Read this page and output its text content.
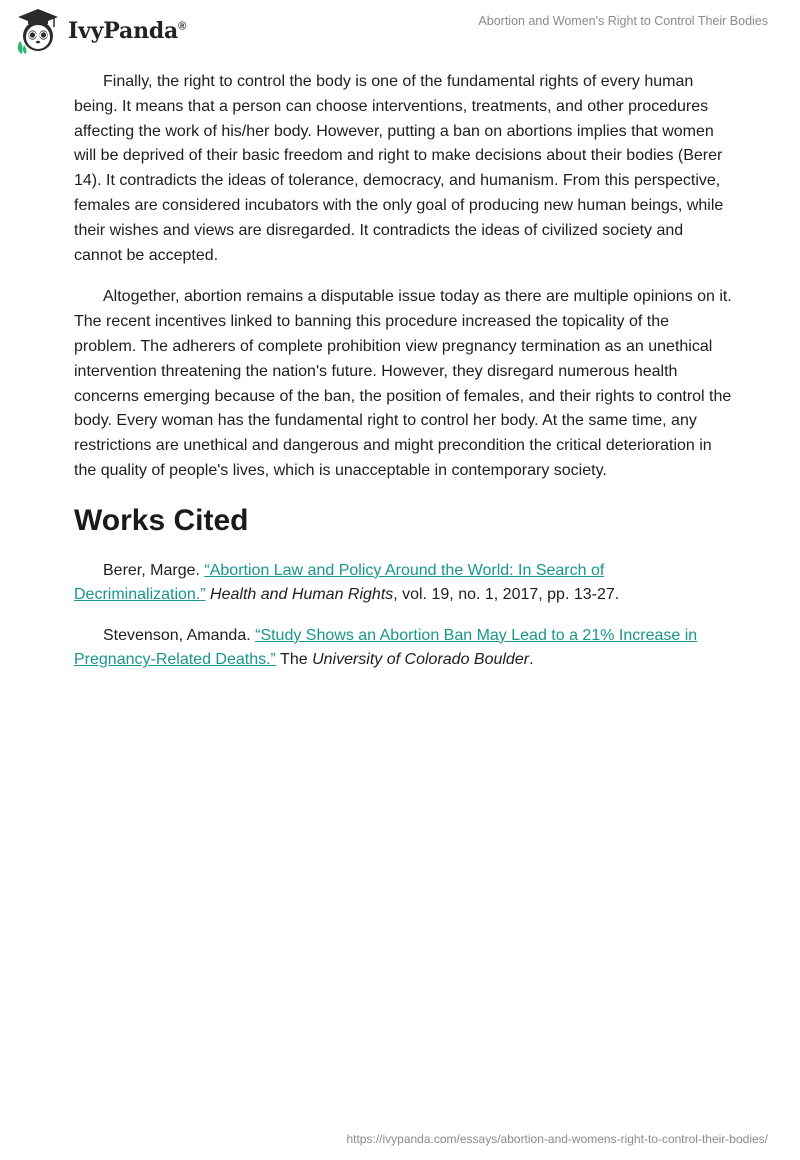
IvyPanda®	Abortion and Women's Right to Control Their Bodies

Finally, the right to control the body is one of the fundamental rights of every human being. It means that a person can choose interventions, treatments, and other procedures affecting the work of his/her body. However, putting a ban on abortions implies that women will be deprived of their basic freedom and right to make decisions about their bodies (Berer 14). It contradicts the ideas of tolerance, democracy, and humanism. From this perspective, females are considered incubators with the only goal of producing new human beings, while their wishes and views are disregarded. It contradicts the ideas of civilized society and cannot be accepted.

Altogether, abortion remains a disputable issue today as there are multiple opinions on it. The recent incentives linked to banning this procedure increased the topicality of the problem. The adherers of complete prohibition view pregnancy termination as an unethical intervention threatening the nation's future. However, they disregard numerous health concerns emerging because of the ban, the position of females, and their rights to control the body. Every woman has the fundamental right to control her body. At the same time, any restrictions are unethical and dangerous and might precondition the critical deterioration in the quality of people's lives, which is unacceptable in contemporary society.

Works Cited

Berer, Marge. “Abortion Law and Policy Around the World: In Search of Decriminalization.” Health and Human Rights, vol. 19, no. 1, 2017, pp. 13-27.

Stevenson, Amanda. “Study Shows an Abortion Ban May Lead to a 21% Increase in Pregnancy-Related Deaths.” The University of Colorado Boulder.

https://ivypanda.com/essays/abortion-and-womens-right-to-control-their-bodies/
